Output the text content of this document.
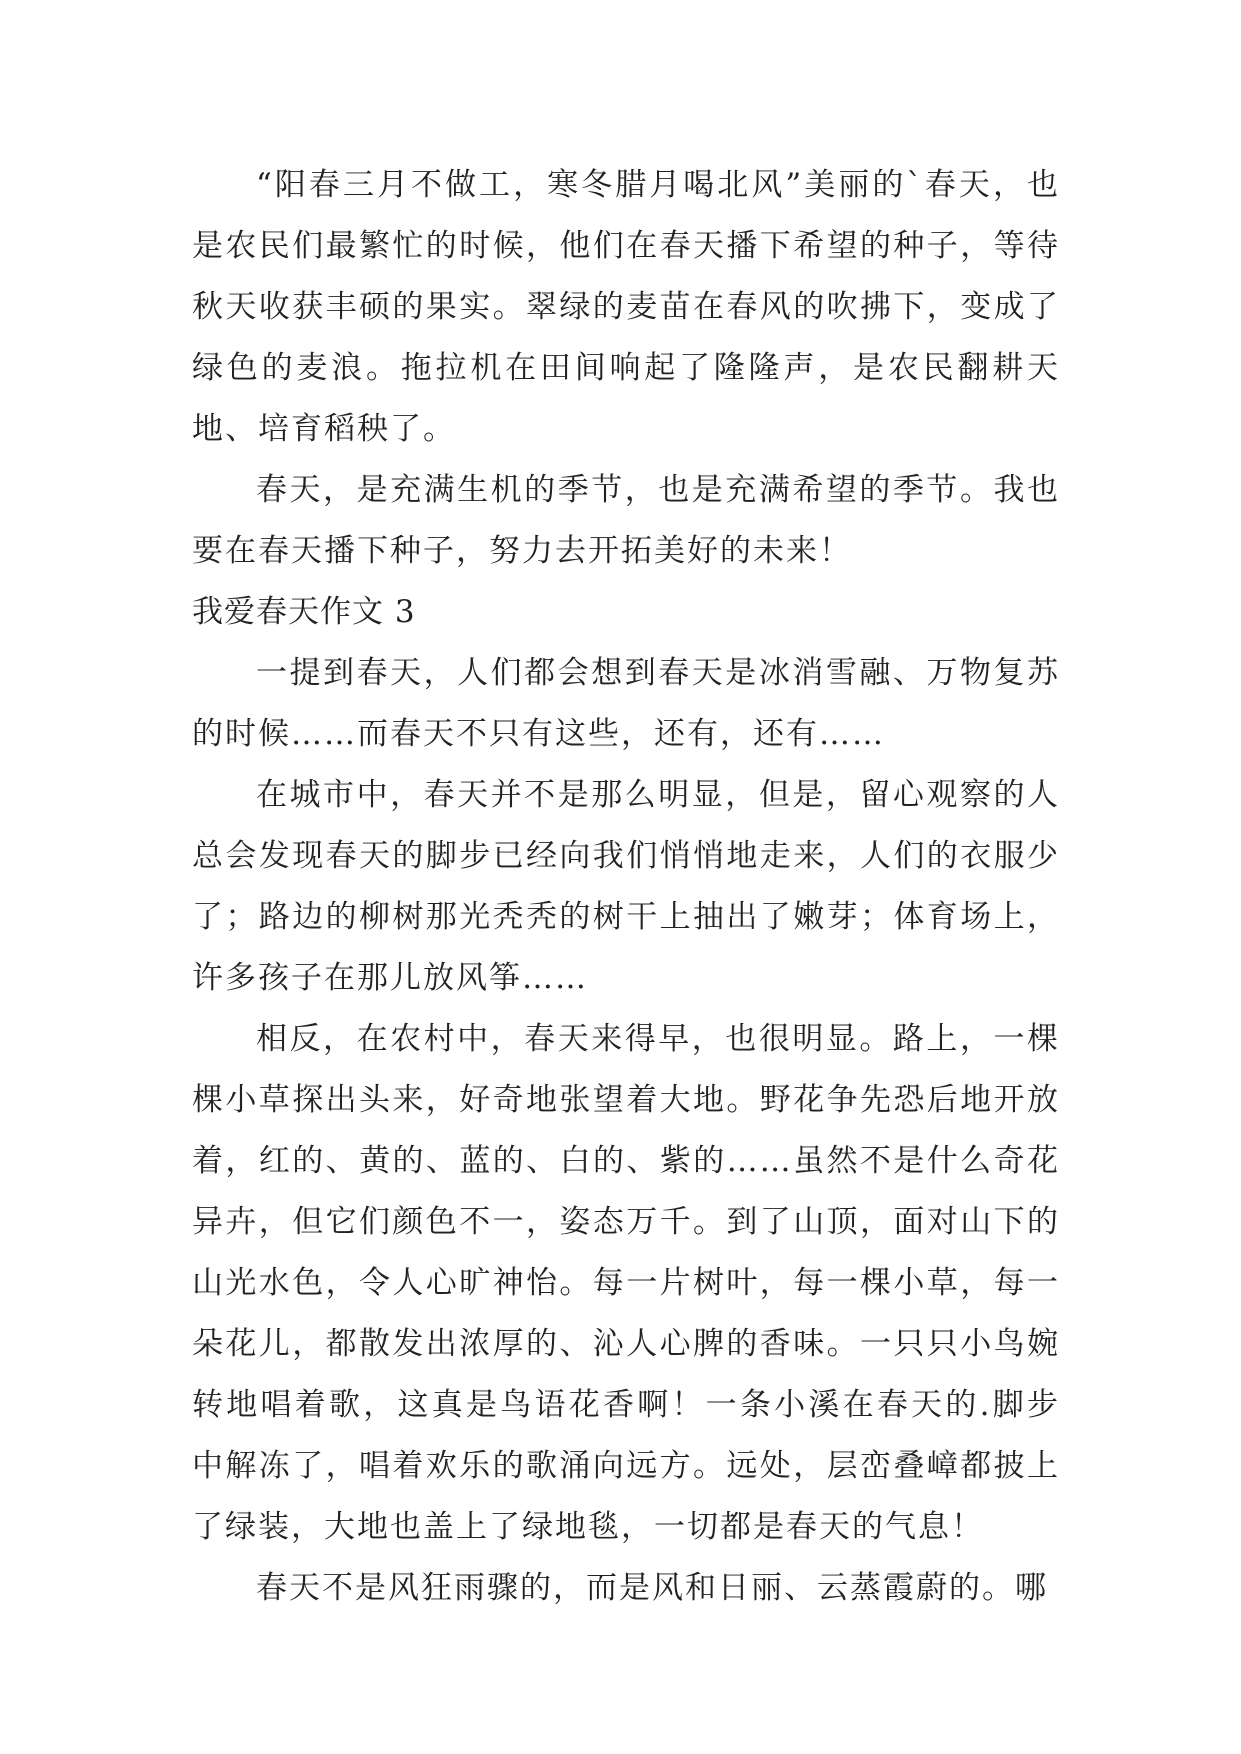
“阳春三月不做工，寒冬腊月喝北风”美丽的`春天，也是农民们最繁忙的时候，他们在春天播下希望的种子，等待秋天收获丰硕的果实。翠绿的麦苗在春风的吹拂下，变成了绿色的麦浪。拖拉机在田间响起了隆隆声，是农民翻耕天地、培育稻秧了。

春天，是充满生机的季节，也是充满希望的季节。我也要在春天播下种子，努力去开拓美好的未来！

我爱春天作文 3

一提到春天，人们都会想到春天是冰消雪融、万物复苏的时候……而春天不只有这些，还有，还有……

在城市中，春天并不是那么明显，但是，留心观察的人总会发现春天的脚步已经向我们悄悄地走来，人们的衣服少了；路边的柳树那光秃秃的树干上抽出了嫩芽；体育场上，许多孩子在那儿放风筝……

相反，在农村中，春天来得早，也很明显。路上，一棵棵小草探出头来，好奇地张望着大地。野花争先恐后地开放着，红的、黄的、蓝的、白的、紫的……虽然不是什么奇花异卉，但它们颜色不一，姿态万千。到了山顶，面对山下的山光水色，令人心旷神怡。每一片树叶，每一棵小草，每一朵花儿，都散发出浓厚的、沁人心脾的香味。一只只小鸟婉转地唱着歌，这真是鸟语花香啊！一条小溪在春天的.脚步中解冻了，唱着欢乐的歌涌向远方。远处，层峦叠嶂都披上了绿装，大地也盖上了绿地毯，一切都是春天的气息！

春天不是风狂雨骤的，而是风和日丽、云蒸霞蔚的。哪
